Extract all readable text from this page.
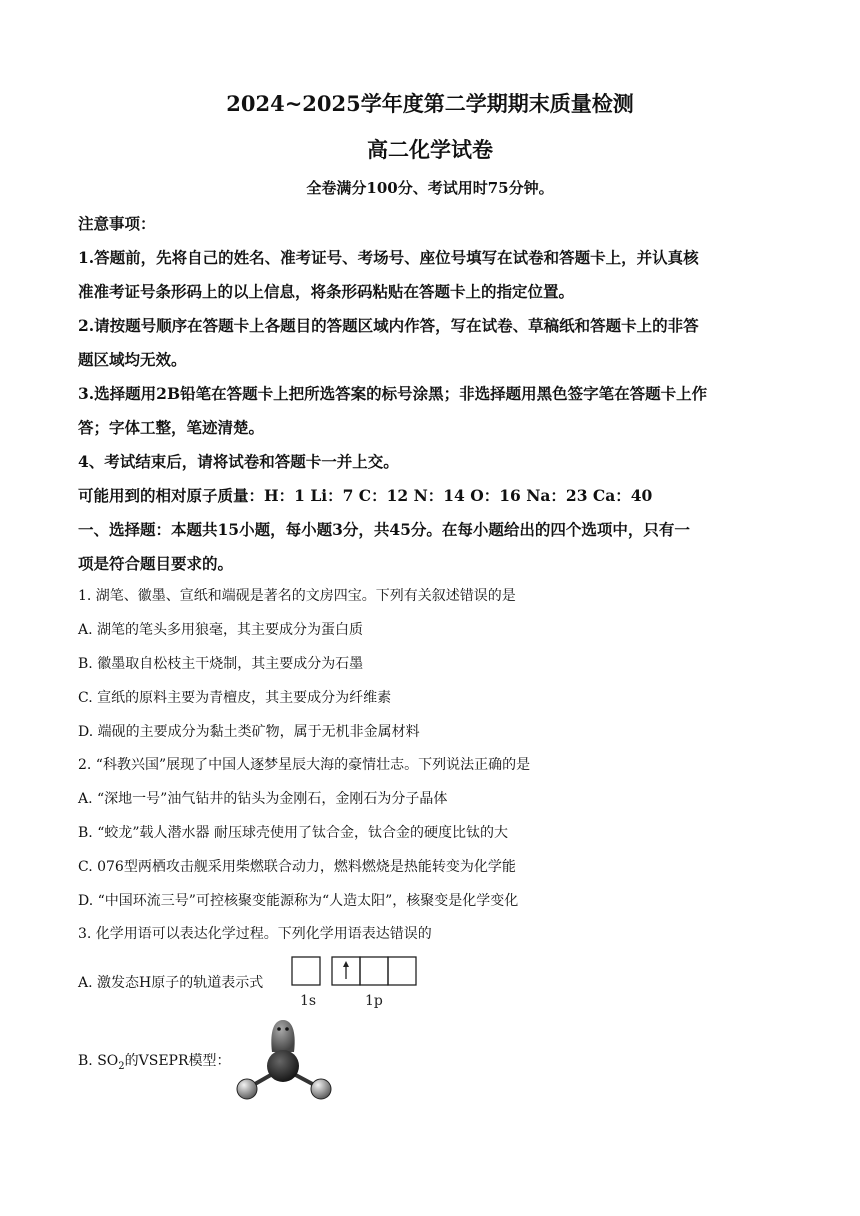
2024~2025学年度第二学期期末质量检测
高二化学试卷
全卷满分100分、考试用时75分钟。
注意事项：
1.答题前，先将自己的姓名、准考证号、考场号、座位号填写在试卷和答题卡上，并认真核
准准考证号条形码上的以上信息，将条形码粘贴在答题卡上的指定位置。
2.请按题号顺序在答题卡上各题目的答题区域内作答，写在试卷、草稿纸和答题卡上的非答
题区域均无效。
3.选择题用2B铅笔在答题卡上把所选答案的标号涂黑；非选择题用黑色签字笔在答题卡上作
答；字体工整，笔迹清楚。
4、考试结束后，请将试卷和答题卡一并上交。
可能用到的相对原子质量：H：1 Li：7 C：12 N：14 O：16 Na：23 Ca：40
一、选择题：本题共15小题，每小题3分，共45分。在每小题给出的四个选项中，只有一
项是符合题目要求的。
1. 湖笔、徽墨、宣纸和端砚是著名的文房四宝。下列有关叙述错误的是
A. 湖笔的笔头多用狼毫，其主要成分为蛋白质
B. 徽墨取自松枝主干烧制，其主要成分为石墨
C. 宣纸的原料主要为青檀皮，其主要成分为纤维素
D. 端砚的主要成分为黏土类矿物，属于无机非金属材料
2. “科教兴国”展现了中国人逐梦星辰大海的豪情壮志。下列说法正确的是
A. “深地一号”油气钻井的钻头为金刚石，金刚石为分子晶体
B. “蛟龙”载人潜水器 耐压球壳使用了钛合金，钛合金的硬度比钛的大
C. 076型两栖攻击舰采用柴燃联合动力，燃料燃烧是热能转变为化学能
D. “中国环流三号”可控核聚变能源称为“人造太阳”，核聚变是化学变化
3. 化学用语可以表达化学过程。下列化学用语表达错误的
A. 激发态H原子的轨道表示式
1s	1p
B. $SO_2$的VSEPR模型：
